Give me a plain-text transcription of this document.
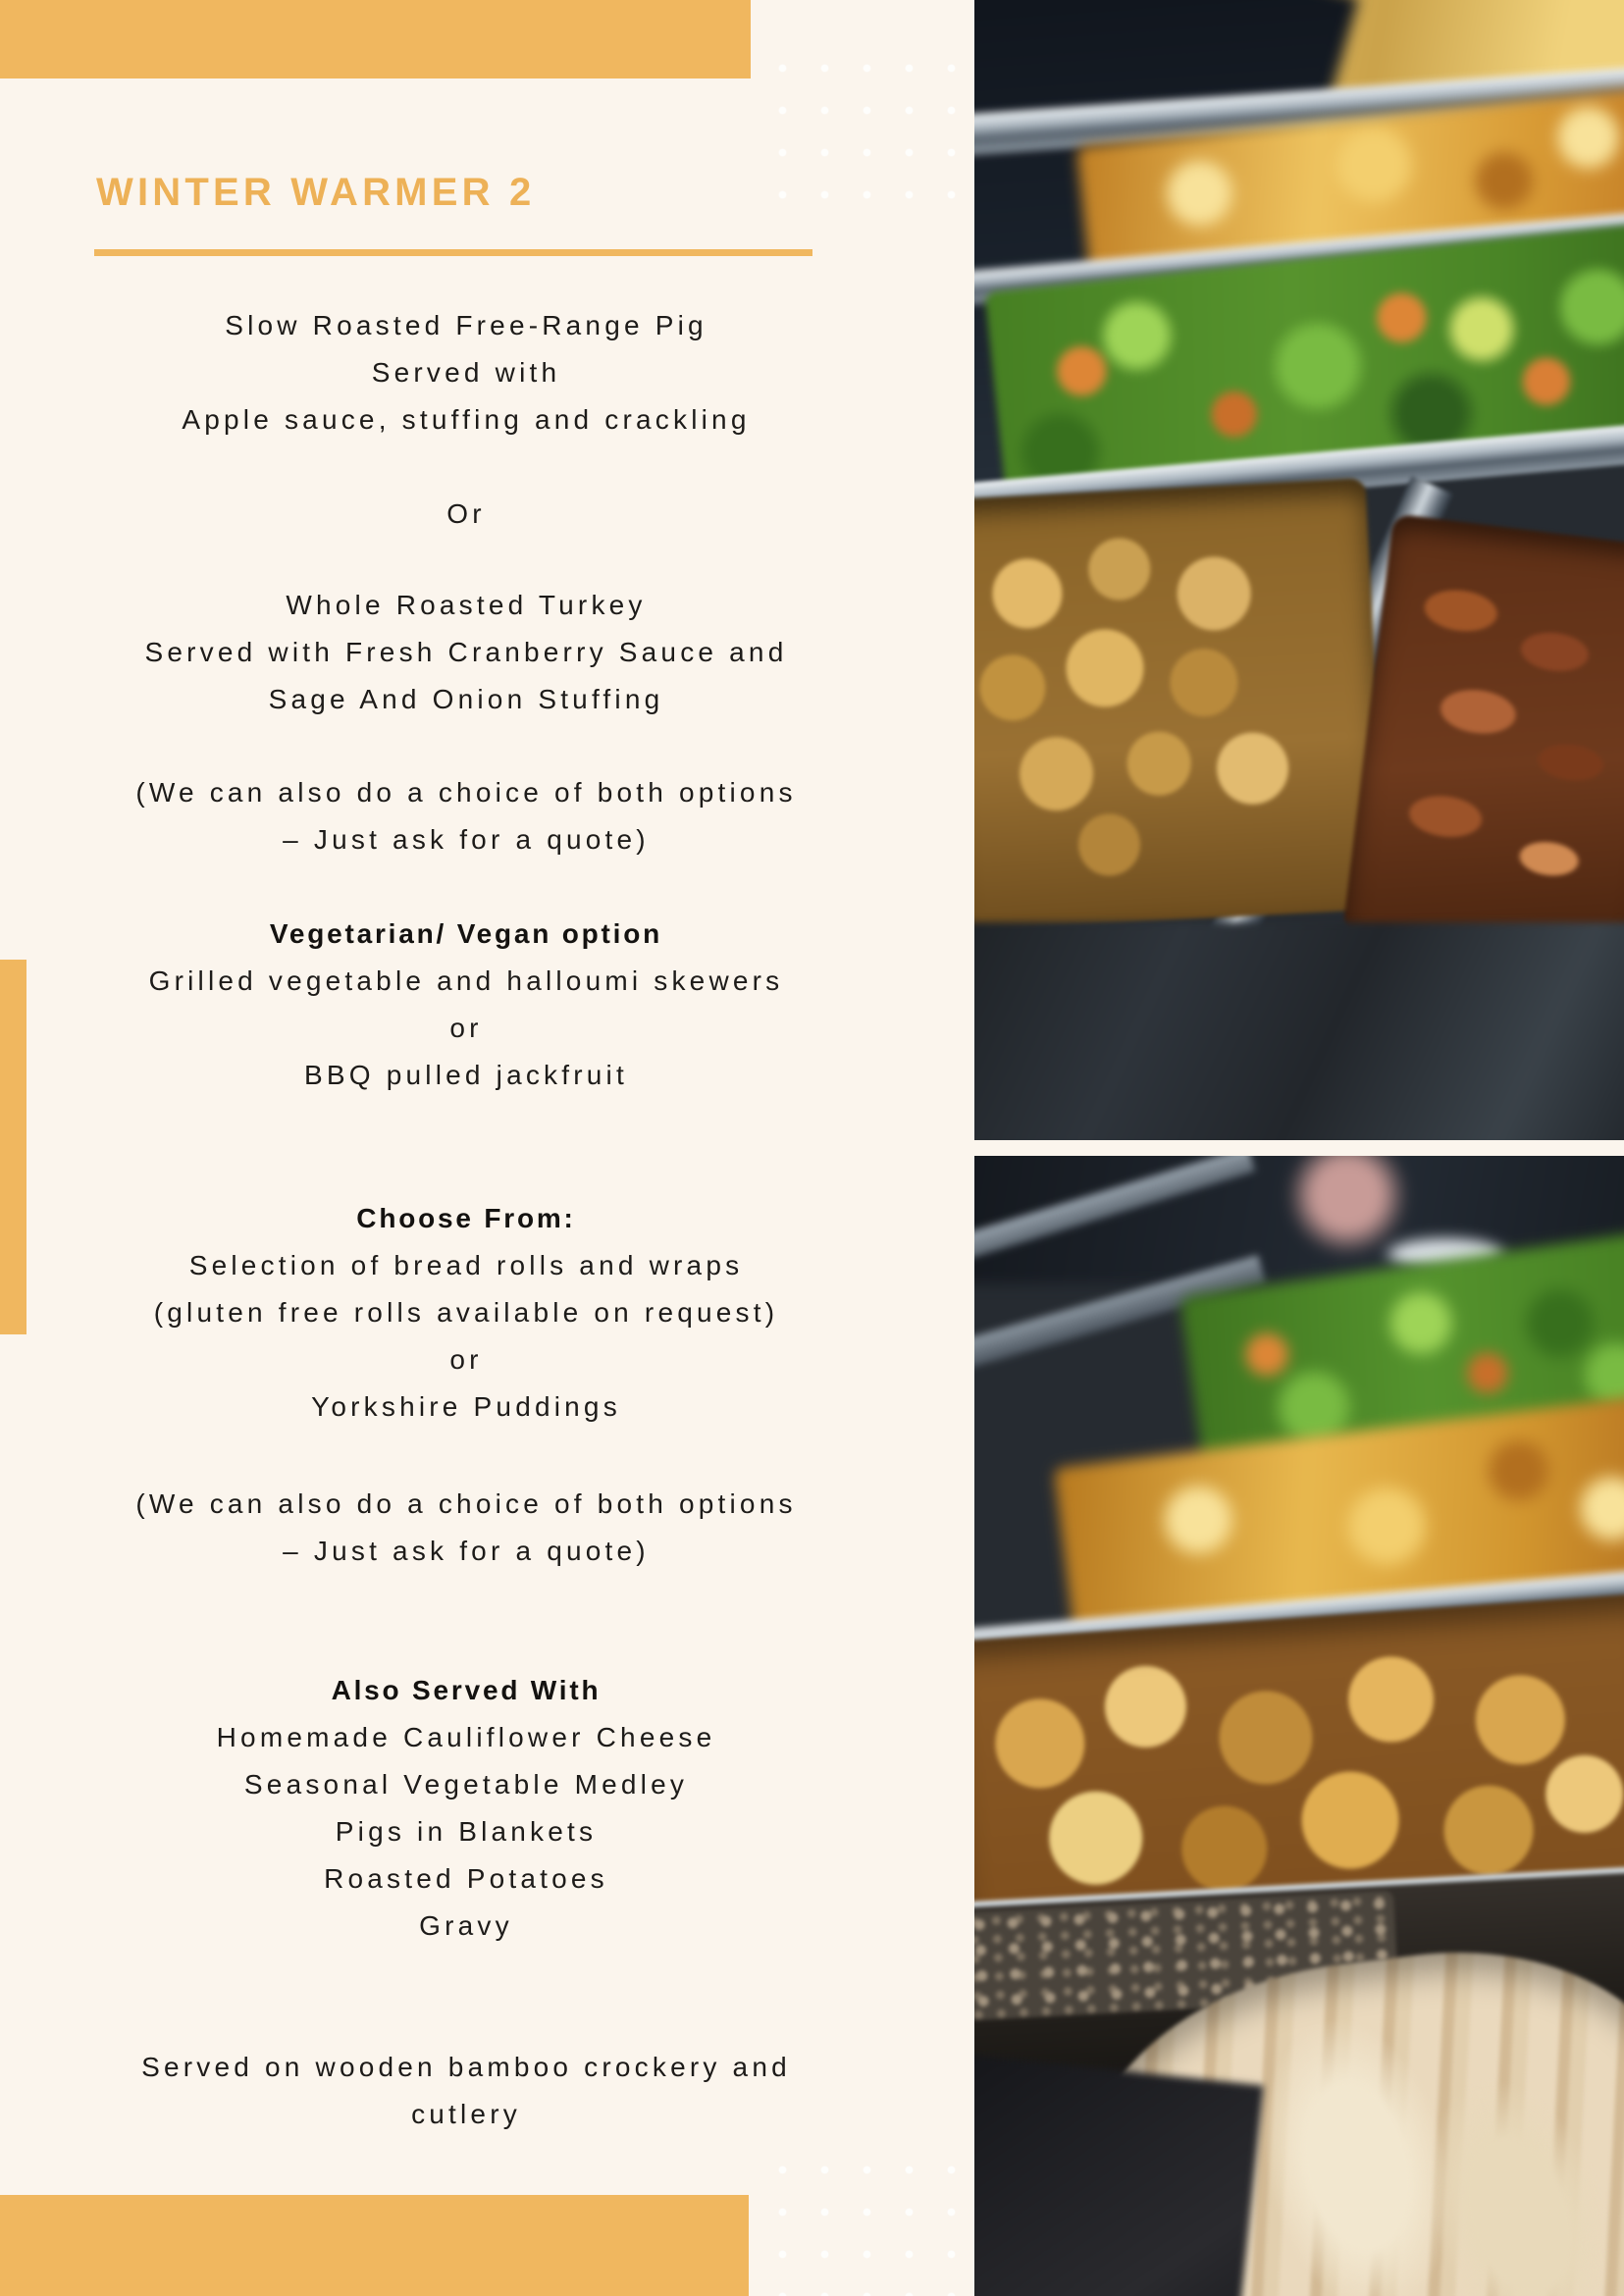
WINTER WARMER 2
Slow Roasted Free-Range Pig
Served with
Apple sauce, stuffing and crackling
Or
Whole Roasted Turkey
Served with Fresh Cranberry Sauce and
Sage And Onion Stuffing
(We can also do a choice of both options
– Just ask for a quote)
Vegetarian/ Vegan option
Grilled vegetable and halloumi skewers
or
BBQ pulled jackfruit
Choose From:
Selection of bread rolls and wraps
(gluten free rolls available on request)
or
Yorkshire Puddings
(We can also do a choice of both options
– Just ask for a quote)
Also Served With
Homemade Cauliflower Cheese
Seasonal Vegetable Medley
Pigs in Blankets
Roasted Potatoes
Gravy
Served on wooden bamboo crockery and
cutlery
